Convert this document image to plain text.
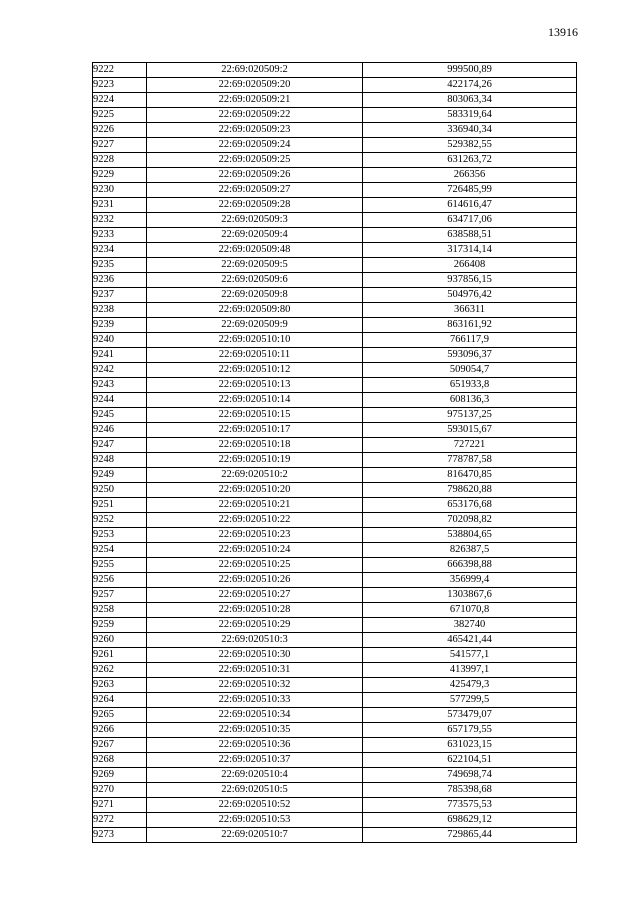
13916
9222	22:69:020509:2	999500,89
9223	22:69:020509:20	422174,26
9224	22:69:020509:21	803063,34
9225	22:69:020509:22	583319,64
9226	22:69:020509:23	336940,34
9227	22:69:020509:24	529382,55
9228	22:69:020509:25	631263,72
9229	22:69:020509:26	266356
9230	22:69:020509:27	726485,99
9231	22:69:020509:28	614616,47
9232	22:69:020509:3	634717,06
9233	22:69:020509:4	638588,51
9234	22:69:020509:48	317314,14
9235	22:69:020509:5	266408
9236	22:69:020509:6	937856,15
9237	22:69:020509:8	504976,42
9238	22:69:020509:80	366311
9239	22:69:020509:9	863161,92
9240	22:69:020510:10	766117,9
9241	22:69:020510:11	593096,37
9242	22:69:020510:12	509054,7
9243	22:69:020510:13	651933,8
9244	22:69:020510:14	608136,3
9245	22:69:020510:15	975137,25
9246	22:69:020510:17	593015,67
9247	22:69:020510:18	727221
9248	22:69:020510:19	778787,58
9249	22:69:020510:2	816470,85
9250	22:69:020510:20	798620,88
9251	22:69:020510:21	653176,68
9252	22:69:020510:22	702098,82
9253	22:69:020510:23	538804,65
9254	22:69:020510:24	826387,5
9255	22:69:020510:25	666398,88
9256	22:69:020510:26	356999,4
9257	22:69:020510:27	1303867,6
9258	22:69:020510:28	671070,8
9259	22:69:020510:29	382740
9260	22:69:020510:3	465421,44
9261	22:69:020510:30	541577,1
9262	22:69:020510:31	413997,1
9263	22:69:020510:32	425479,3
9264	22:69:020510:33	577299,5
9265	22:69:020510:34	573479,07
9266	22:69:020510:35	657179,55
9267	22:69:020510:36	631023,15
9268	22:69:020510:37	622104,51
9269	22:69:020510:4	749698,74
9270	22:69:020510:5	785398,68
9271	22:69:020510:52	773575,53
9272	22:69:020510:53	698629,12
9273	22:69:020510:7	729865,44
